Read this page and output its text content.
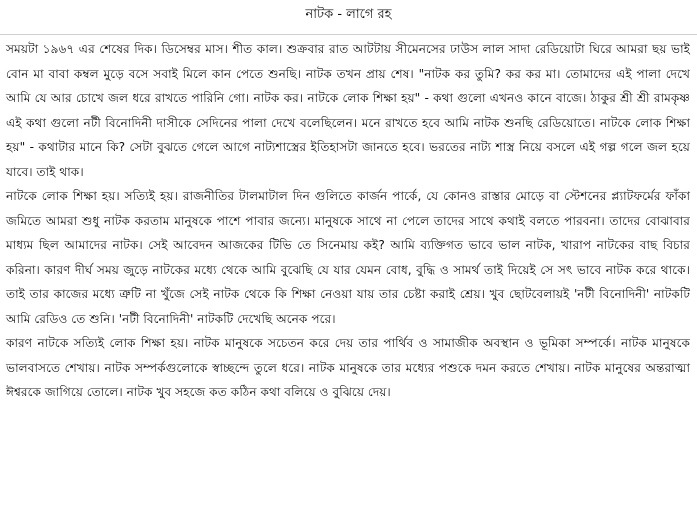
নাটক - লাগে রহ

সময়টা ১৯৬৭ এর শেষের দিক। ডিসেম্বর মাস। শীত কাল। শুক্রবার রাত আটটায় সীমেনসের ঢাউস লাল সাদা রেডিয়োটা ঘিরে আমরা ছয় ভাই বোন মা বাবা কম্বল মুড়ে বসে সবাই মিলে কান পেতে শুনছি। নাটক তখন প্রায় শেষ। "নাটক কর তুমি? কর কর মা। তোমাদের এই পালা দেখে আমি যে আর চোখে জল ধরে রাখতে পারিনি গো। নাটক কর। নাটকে লোক শিক্ষা হয়" - কথা গুলো এখনও কানে বাজে। ঠাকুর শ্রী শ্রী রামকৃষ্ণ এই কথা গুলো নটী বিনোদিনী দাসীকে সেদিনের পালা দেখে বলেছিলেন। মনে রাখতে হবে আমি নাটক শুনছি রেডিয়োতে। নাটকে লোক শিক্ষা হয়" - কথাটার মানে কি? সেটা বুঝতে গেলে আগে নাট্যশাস্ত্রের ইতিহাসটা জানতে হবে। ভরতের নাট্য শাস্ত্র নিয়ে বসলে এই গল্প গলে জল হয়ে যাবে। তাই থাক।

নাটকে লোক শিক্ষা হয়। সত্যিই হয়। রাজনীতির টালমাটাল দিন গুলিতে কার্জন পার্কে, যে কোনও রাস্তার মোড়ে বা স্টেশনের প্ল্যাটফর্মের ফাঁকা জমিতে আমরা শুধু নাটক করতাম মানুষকে পাশে পাবার জন্যে। মানুষকে সাথে না পেলে তাদের সাথে কথাই বলতে পারবনা। তাদের বোঝাবার মাধ্যম ছিল আমাদের নাটক। সেই আবেদন আজকের টিভি তে সিনেমায় কই? আমি ব্যক্তিগত ভাবে ভাল নাটক, খারাপ নাটকের বাছ বিচার করিনা। কারণ দীর্ঘ সময় জুড়ে নাটকের মধ্যে থেকে আমি বুঝেছি যে যার যেমন বোধ, বুদ্ধি ও সামর্থ তাই দিয়েই সে সৎ ভাবে নাটক করে থাকে। তাই তার কাজের মধ্যে ত্রুটি না খুঁজে সেই নাটক থেকে কি শিক্ষা নেওয়া যায় তার চেষ্টা করাই শ্রেয়। খুব ছোটবেলায়ই 'নটী বিনোদিনী' নাটকটি আমি রেডিও তে শুনি। 'নটী বিনোদিনী' নাটকটি দেখেছি অনেক পরে।

কারণ নাটকে সত্যিই লোক শিক্ষা হয়। নাটক মানুষকে সচেতন করে দেয় তার পার্থিব ও সামাজীক অবস্থান ও ভূমিকা সম্পর্কে। নাটক মানুষকে ভালবাসতে শেখায়। নাটক সম্পর্কগুলোকে স্বাচ্ছন্দে তুলে ধরে। নাটক মানুষকে তার মধ্যের পশুকে দমন করতে শেখায়। নাটক মানুষের অন্তরাত্মা ঈশ্বরকে জাগিয়ে তোলে। নাটক খুব সহজে কত কঠিন কথা বলিয়ে ও বুঝিয়ে দেয়।
